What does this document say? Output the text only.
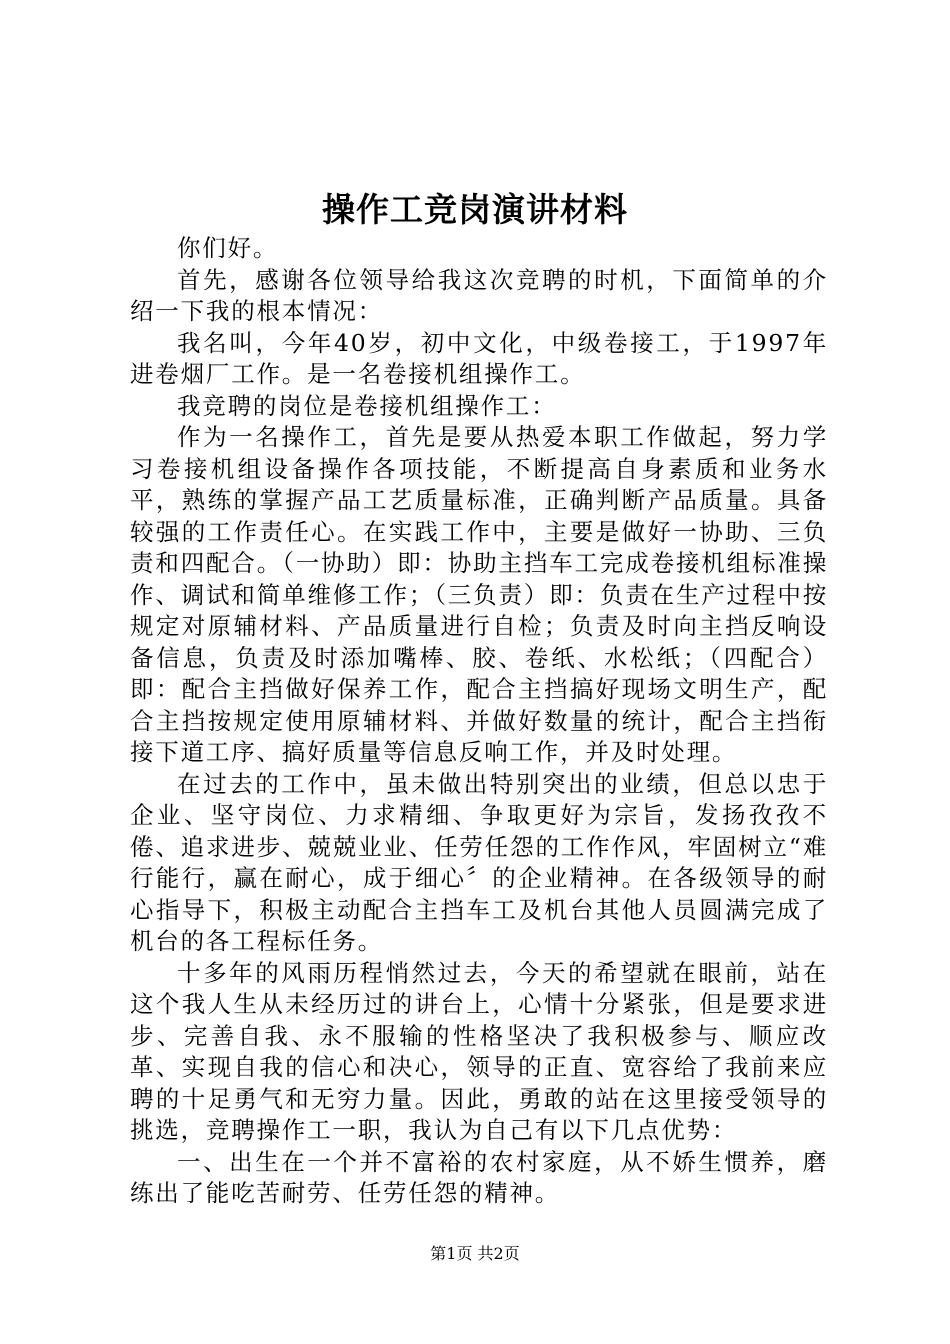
操作工竞岗演讲材料

你们好。

首先，感谢各位领导给我这次竞聘的时机，下面简单的介绍一下我的根本情况：

我名叫，今年40岁，初中文化，中级卷接工，于1997年进卷烟厂工作。是一名卷接机组操作工。

我竞聘的岗位是卷接机组操作工：

作为一名操作工，首先是要从热爱本职工作做起，努力学习卷接机组设备操作各项技能，不断提高自身素质和业务水平，熟练的掌握产品工艺质量标准，正确判断产品质量。具备较强的工作责任心。在实践工作中，主要是做好一协助、三负责和四配合。（一协助）即：协助主挡车工完成卷接机组标准操作、调试和简单维修工作；（三负责）即：负责在生产过程中按规定对原辅材料、产品质量进行自检；负责及时向主挡反响设备信息，负责及时添加嘴棒、胶、卷纸、水松纸；（四配合）即：配合主挡做好保养工作，配合主挡搞好现场文明生产，配合主挡按规定使用原辅材料、并做好数量的统计，配合主挡衔接下道工序、搞好质量等信息反响工作，并及时处理。

在过去的工作中，虽未做出特别突出的业绩，但总以忠于企业、坚守岗位、力求精细、争取更好为宗旨，发扬孜孜不倦、追求进步、兢兢业业、任劳任怨的工作作风，牢固树立“难行能行，赢在耐心，成于细心〞的企业精神。在各级领导的耐心指导下，积极主动配合主挡车工及机台其他人员圆满完成了机台的各工程标任务。

十多年的风雨历程悄然过去，今天的希望就在眼前，站在这个我人生从未经历过的讲台上，心情十分紧张，但是要求进步、完善自我、永不服输的性格坚决了我积极参与、顺应改革、实现自我的信心和决心，领导的正直、宽容给了我前来应聘的十足勇气和无穷力量。因此，勇敢的站在这里接受领导的挑选，竞聘操作工一职，我认为自己有以下几点优势：

一、出生在一个并不富裕的农村家庭，从不娇生惯养，磨练出了能吃苦耐劳、任劳任怨的精神。

第1页 共2页
